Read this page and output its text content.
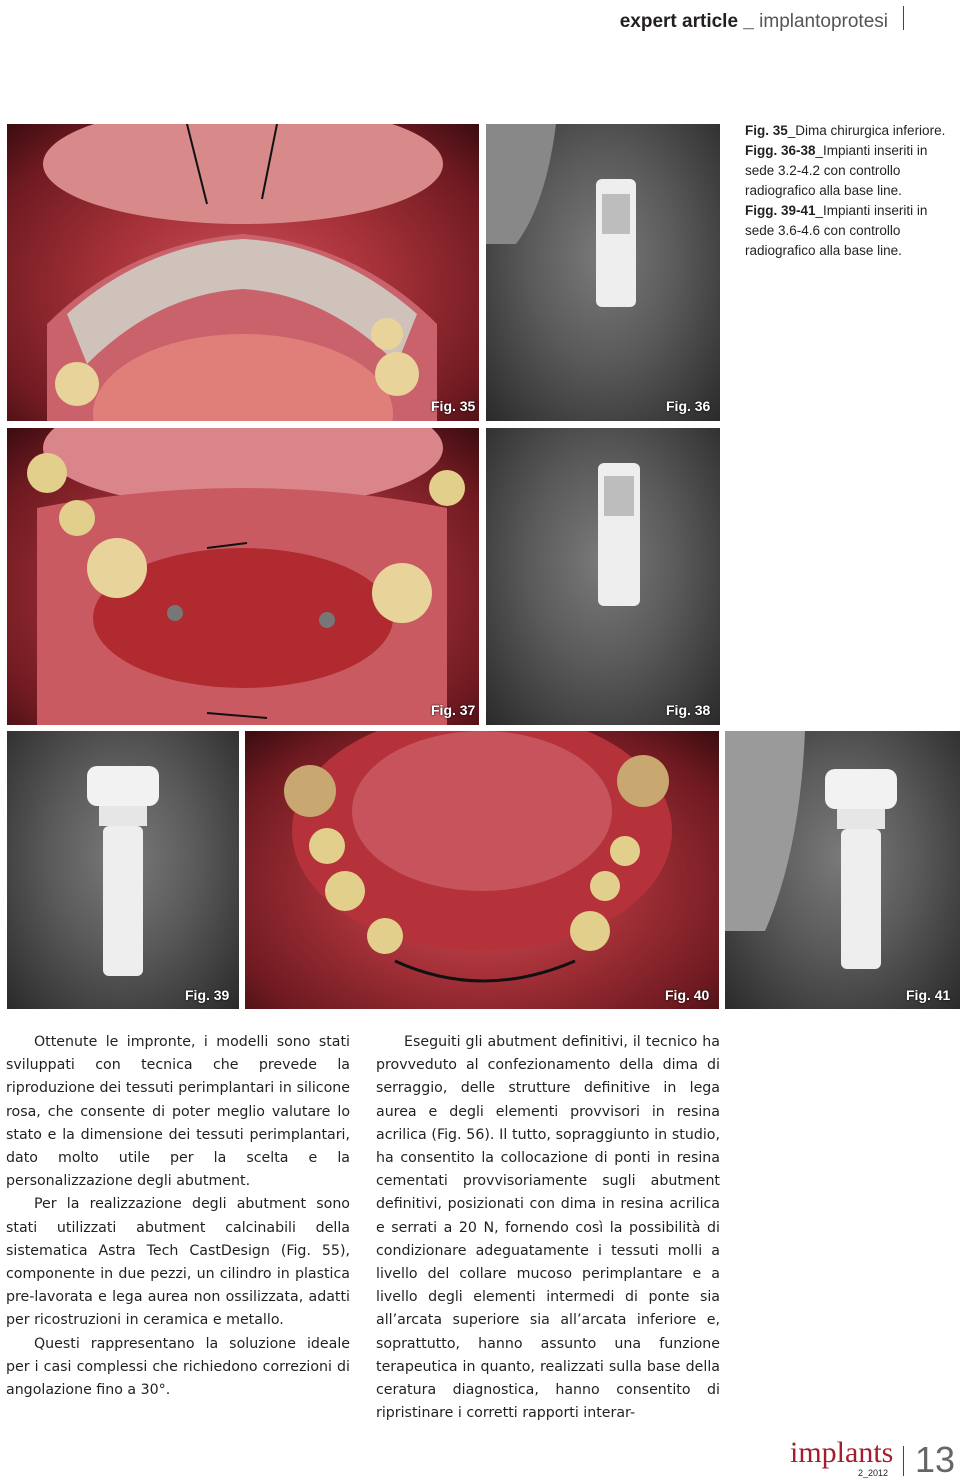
expert article _ implantoprotesi
Fig. 35	Fig. 36
Fig. 37	Fig. 38
Fig. 39	Fig. 40	Fig. 41

Fig. 35_Dima chirurgica inferiore.

Figg. 36-38_Impianti inseriti in sede 3.2-4.2 con controllo radiografico alla base line.

Figg. 39-41_Impianti inseriti in sede 3.6-4.6 con controllo radiografico alla base line.

Ottenute le impronte, i modelli sono stati sviluppati con tecnica che prevede la riproduzione dei tessuti perimplantari in silicone rosa, che consente di poter meglio valutare lo stato e la dimensione dei tessuti perimplantari, dato molto utile per la scelta e la personalizzazione degli abutment.

Per la realizzazione degli abutment sono stati utilizzati abutment calcinabili della sistematica Astra Tech CastDesign (Fig. 55), componente in due pezzi, un cilindro in plastica pre-lavorata e lega aurea non ossilizzata, adatti per ricostruzioni in ceramica e metallo.

Questi rappresentano la soluzione ideale per i casi complessi che richiedono correzioni di angolazione fino a 30°.

Eseguiti gli abutment definitivi, il tecnico ha provveduto al confezionamento della dima di serraggio, delle strutture definitive in lega aurea e degli elementi provvisori in resina acrilica (Fig. 56). Il tutto, sopraggiunto in studio, ha consentito la collocazione di ponti in resina cementati provvisoriamente sugli abutment definitivi, posizionati con dima in resina acrilica e serrati a 20 N, fornendo così la possibilità di condizionare adeguatamente i tessuti molli a livello del collare mucoso perimplantare e a livello degli elementi intermedi di ponte sia all’arcata superiore sia all’arcata inferiore e, soprattutto, hanno assunto una funzione terapeutica in quanto, realizzati sulla base della ceratura diagnostica, hanno consentito di ripristinare i corretti rapporti interar-

implants
2_2012 13
